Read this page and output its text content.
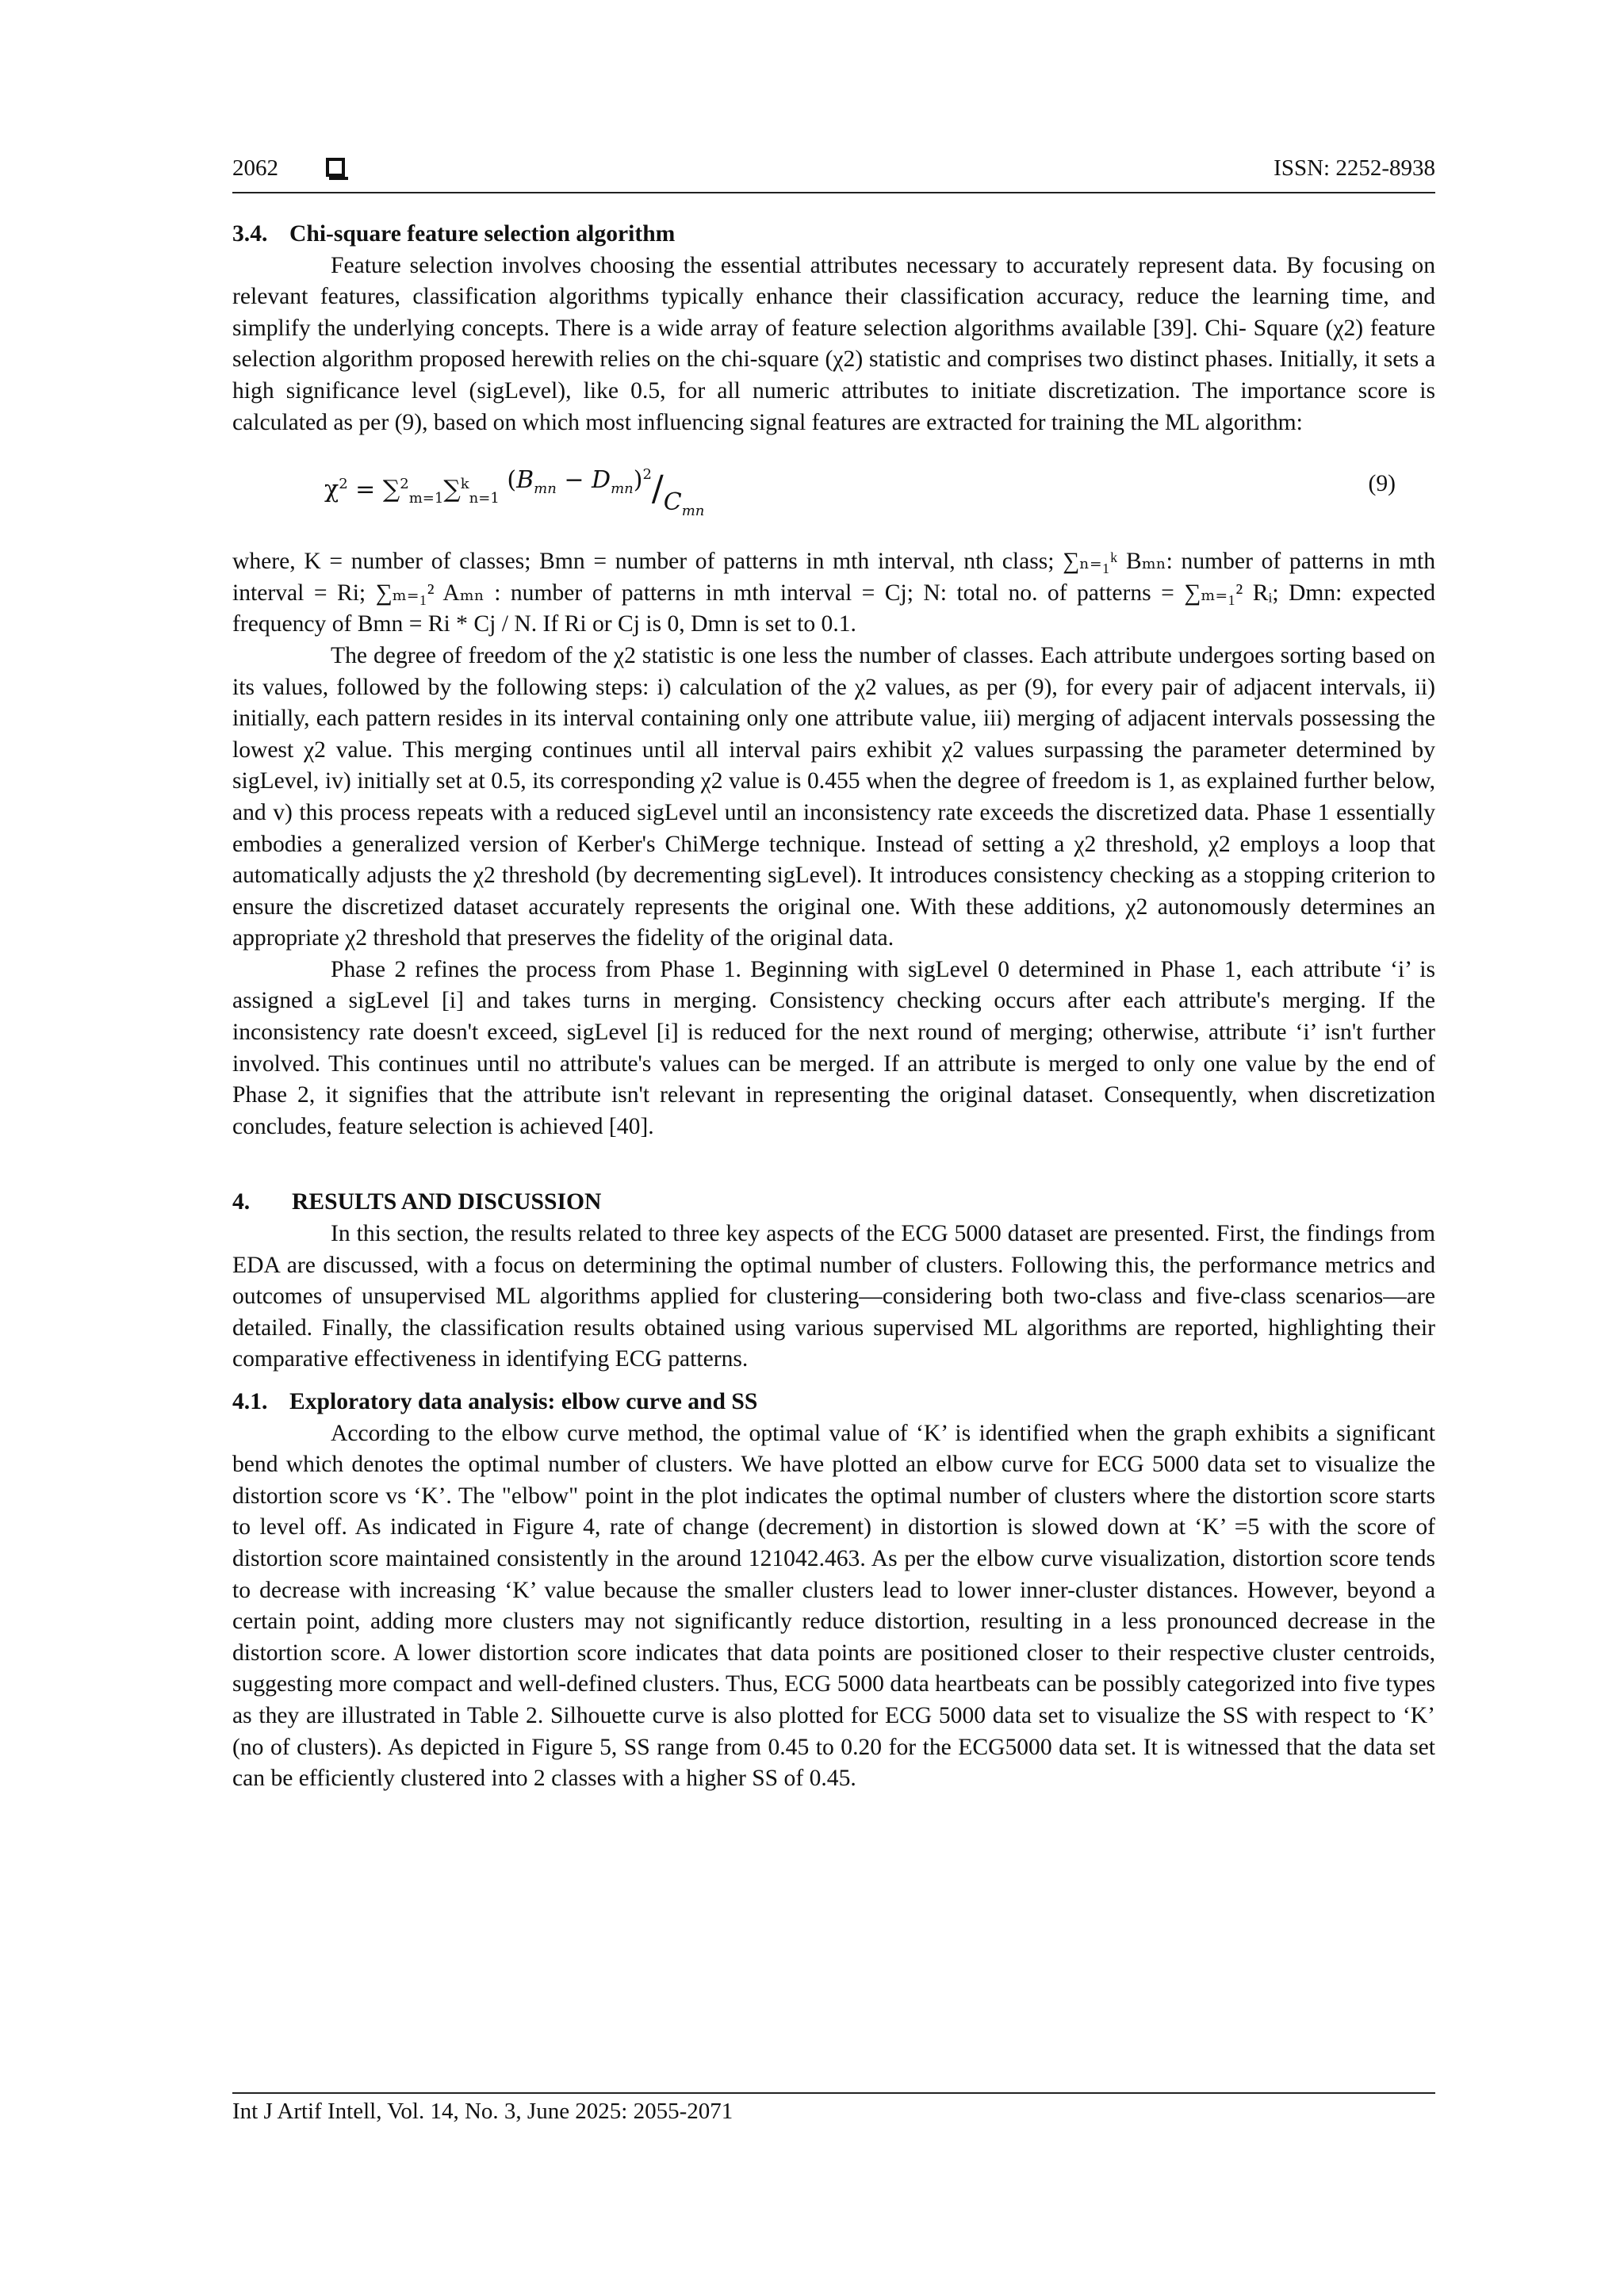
2062	ISSN: 2252-8938
3.4. Chi-square feature selection algorithm

Feature selection involves choosing the essential attributes necessary to accurately represent data. By focusing on relevant features, classification algorithms typically enhance their classification accuracy, reduce the learning time, and simplify the underlying concepts. There is a wide array of feature selection algorithms available [39]. Chi- Square (χ2) feature selection algorithm proposed herewith relies on the chi-square (χ2) statistic and comprises two distinct phases. Initially, it sets a high significance level (sigLevel), like 0.5, for all numeric attributes to initiate discretization. The importance score is calculated as per (9), based on which most influencing signal features are extracted for training the ML algorithm:

$\chi^2 = \sum^2_{m=1}\sum^k_{n=1}$ $(B_{mn} - D_{mn})^2/C_{mn}$
(9)

where, K = number of classes; Bmn = number of patterns in mth interval, nth class; ∑ₙ₌₁ᵏ Bₘₙ: number of patterns in mth interval = Ri; ∑ₘ₌₁² Aₘₙ : number of patterns in mth interval = Cj; N: total no. of patterns = ∑ₘ₌₁² Rᵢ; Dmn: expected frequency of Bmn = Ri * Cj / N. If Ri or Cj is 0, Dmn is set to 0.1.

The degree of freedom of the χ2 statistic is one less the number of classes. Each attribute undergoes sorting based on its values, followed by the following steps: i) calculation of the χ2 values, as per (9), for every pair of adjacent intervals, ii) initially, each pattern resides in its interval containing only one attribute value, iii) merging of adjacent intervals possessing the lowest χ2 value. This merging continues until all interval pairs exhibit χ2 values surpassing the parameter determined by sigLevel, iv) initially set at 0.5, its corresponding χ2 value is 0.455 when the degree of freedom is 1, as explained further below, and v) this process repeats with a reduced sigLevel until an inconsistency rate exceeds the discretized data. Phase 1 essentially embodies a generalized version of Kerber's ChiMerge technique. Instead of setting a χ2 threshold, χ2 employs a loop that automatically adjusts the χ2 threshold (by decrementing sigLevel). It introduces consistency checking as a stopping criterion to ensure the discretized dataset accurately represents the original one. With these additions, χ2 autonomously determines an appropriate χ2 threshold that preserves the fidelity of the original data.

Phase 2 refines the process from Phase 1. Beginning with sigLevel 0 determined in Phase 1, each attribute ‘i’ is assigned a sigLevel [i] and takes turns in merging. Consistency checking occurs after each attribute's merging. If the inconsistency rate doesn't exceed, sigLevel [i] is reduced for the next round of merging; otherwise, attribute ‘i’ isn't further involved. This continues until no attribute's values can be merged. If an attribute is merged to only one value by the end of Phase 2, it signifies that the attribute isn't relevant in representing the original dataset. Consequently, when discretization concludes, feature selection is achieved [40].

4. RESULTS AND DISCUSSION

In this section, the results related to three key aspects of the ECG 5000 dataset are presented. First, the findings from EDA are discussed, with a focus on determining the optimal number of clusters. Following this, the performance metrics and outcomes of unsupervised ML algorithms applied for clustering—considering both two-class and five-class scenarios—are detailed. Finally, the classification results obtained using various supervised ML algorithms are reported, highlighting their comparative effectiveness in identifying ECG patterns.

4.1. Exploratory data analysis: elbow curve and SS

According to the elbow curve method, the optimal value of ‘K’ is identified when the graph exhibits a significant bend which denotes the optimal number of clusters. We have plotted an elbow curve for ECG 5000 data set to visualize the distortion score vs ‘K’. The "elbow" point in the plot indicates the optimal number of clusters where the distortion score starts to level off. As indicated in Figure 4, rate of change (decrement) in distortion is slowed down at ‘K’ =5 with the score of distortion score maintained consistently in the around 121042.463. As per the elbow curve visualization, distortion score tends to decrease with increasing ‘K’ value because the smaller clusters lead to lower inner-cluster distances. However, beyond a certain point, adding more clusters may not significantly reduce distortion, resulting in a less pronounced decrease in the distortion score. A lower distortion score indicates that data points are positioned closer to their respective cluster centroids, suggesting more compact and well-defined clusters. Thus, ECG 5000 data heartbeats can be possibly categorized into five types as they are illustrated in Table 2. Silhouette curve is also plotted for ECG 5000 data set to visualize the SS with respect to ‘K’ (no of clusters). As depicted in Figure 5, SS range from 0.45 to 0.20 for the ECG5000 data set. It is witnessed that the data set can be efficiently clustered into 2 classes with a higher SS of 0.45.

Int J Artif Intell, Vol. 14, No. 3, June 2025: 2055-2071
